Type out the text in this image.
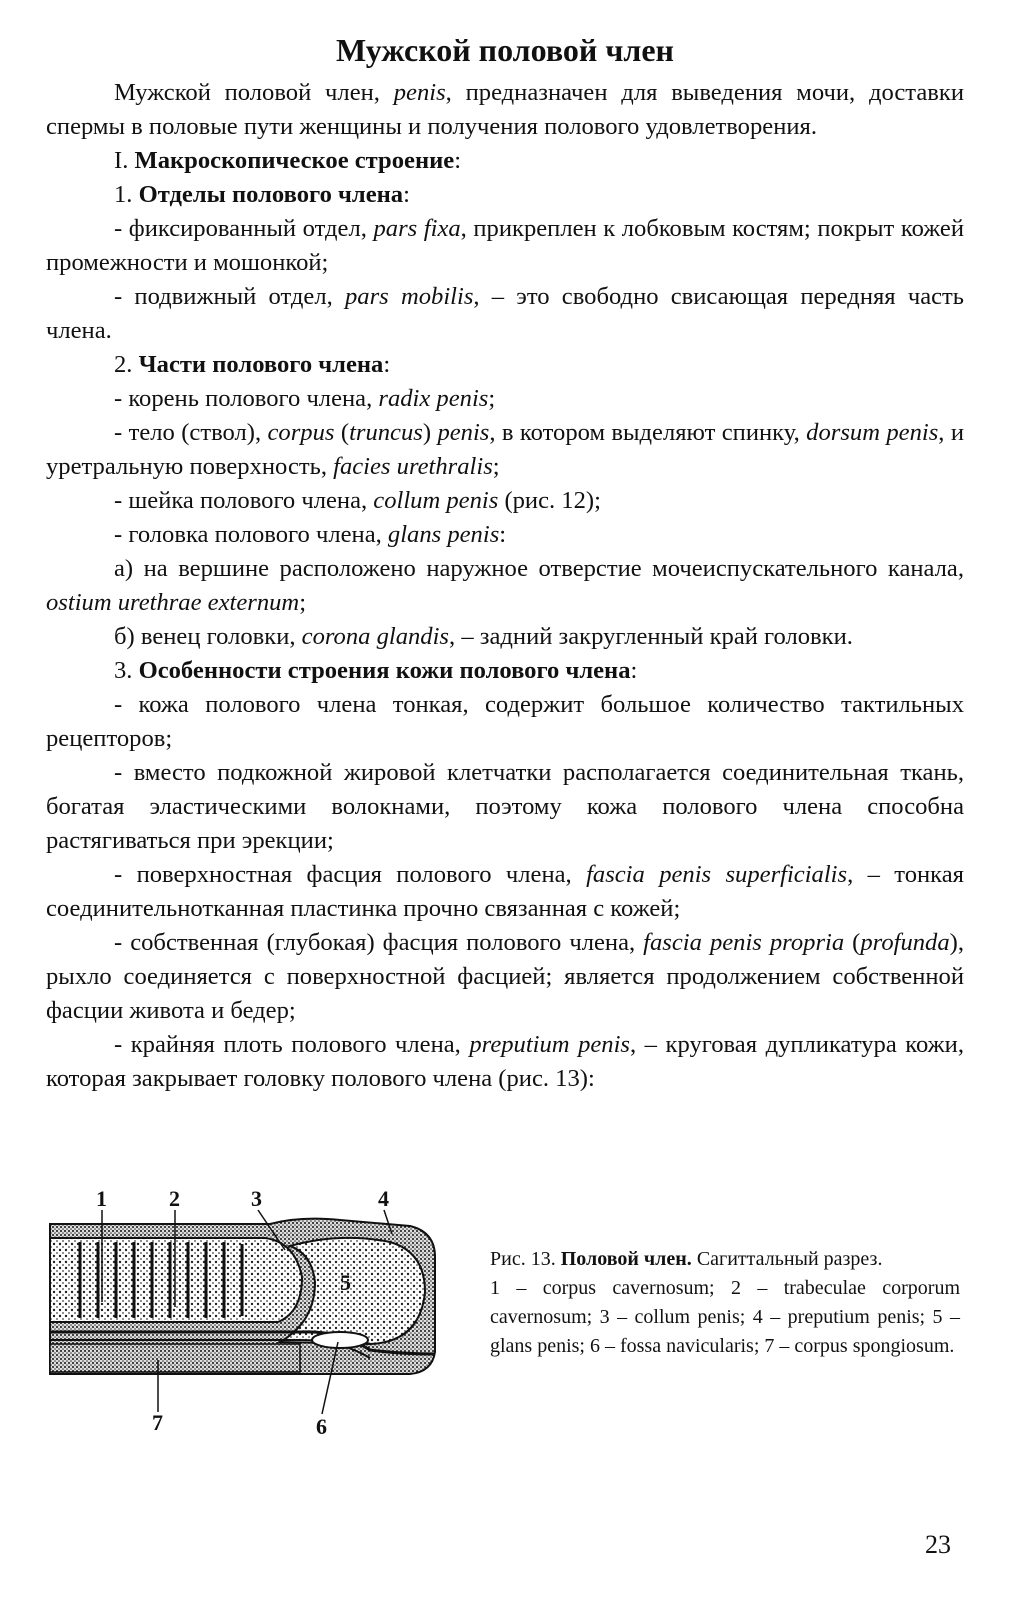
Мужской половой член

Мужской половой член, penis, предназначен для выведения мочи, доставки спермы в половые пути женщины и получения полового удовлетворения.

I. Макроскопическое строение:

1. Отделы полового члена:

- фиксированный отдел, pars fixa, прикреплен к лобковым костям; покрыт кожей промежности и мошонкой;

- подвижный отдел, pars mobilis, – это свободно свисающая передняя часть члена.

2. Части полового члена:

- корень полового члена, radix penis;

- тело (ствол), corpus (truncus) penis, в котором выделяют спинку, dorsum penis, и уретральную поверхность, facies urethralis;

- шейка полового члена, collum penis (рис. 12);

- головка полового члена, glans penis:

а) на вершине расположено наружное отверстие мочеиспускательного канала, ostium urethrae externum;

б) венец головки, corona glandis, – задний закругленный край головки.

3. Особенности строения кожи полового члена:

- кожа полового члена тонкая, содержит большое количество тактильных рецепторов;

- вместо подкожной жировой клетчатки располагается соединительная ткань, богатая эластическими волокнами, поэтому кожа полового члена способна растягиваться при эрекции;

- поверхностная фасция полового члена, fascia penis superficialis, – тонкая соединительнотканная пластинка прочно связанная с кожей;

- собственная (глубокая) фасция полового члена, fascia penis propria (profunda), рыхло соединяется с поверхностной фасцией; является продолжением собственной фасции живота и бедер;

- крайняя плоть полового члена, preputium penis, – круговая дупликатура кожи, которая закрывает головку полового члена (рис. 13):

1	2	3	4
5
6
7

Рис. 13. Половой член. Сагиттальный разрез.
1 – corpus cavernosum; 2 – trabeculae corporum cavernosum; 3 – collum penis; 4 – preputium penis; 5 – glans penis; 6 – fossa navicularis; 7 – corpus spongiosum.

23
